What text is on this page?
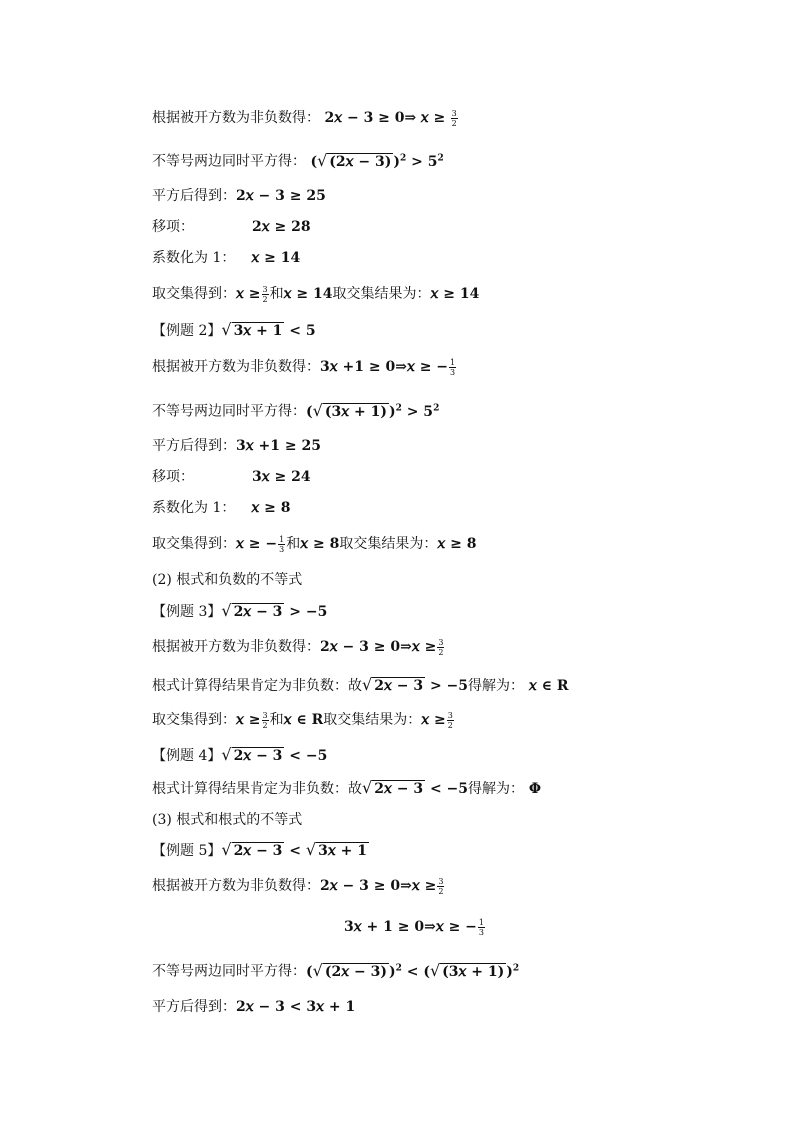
根据被开方数为非负数得： 2𝑥 − 3 ≥ 0⇒ 𝑥 ≥ $\frac{3}{2}$
不等号两边同时平方得： (√ (2𝑥 − 3) )$^2 > 5^2$
平方后得到：2𝑥 − 3 ≥ 25
移项：	2𝑥 ≥ 28
系数化为 1： 𝑥 ≥ 14
取交集得到：𝑥 ≥ $\frac{3}{2}$ 和𝑥 ≥ 14取交集结果为：𝑥 ≥ 14
【例题 2】√ 3𝑥 + 1 < 5
根据被开方数为非负数得：3𝑥 +1 ≥ 0⇒𝑥 ≥ − $\frac{1}{3}$
不等号两边同时平方得：(√ (3𝑥 + 1) )$^2 > 5^2$
平方后得到：3𝑥 +1 ≥ 25
移项：	3𝑥 ≥ 24
系数化为 1： 𝑥 ≥ 8
取交集得到：𝑥 ≥ − $\frac{1}{3}$ 和𝑥 ≥ 8取交集结果为：𝑥 ≥ 8
(2) 根式和负数的不等式
【例题 3】√ 2𝑥 − 3 > −5
根据被开方数为非负数得：2𝑥 − 3 ≥ 0⇒𝑥 ≥ $\frac{3}{2}$
根式计算得结果肯定为非负数：故√ 2𝑥 − 3 > −5得解为： 𝑥 ∈ R
取交集得到：𝑥 ≥ $\frac{3}{2}$ 和𝑥 ∈ R取交集结果为：𝑥 ≥ $\frac{3}{2}$
【例题 4】√ 2𝑥 − 3 < −5
根式计算得结果肯定为非负数：故√ 2𝑥 − 3 < −5得解为： Φ
(3) 根式和根式的不等式
【例题 5】√ 2𝑥 − 3 < √ 3𝑥 + 1
根据被开方数为非负数得：2𝑥 − 3 ≥ 0⇒𝑥 ≥ $\frac{3}{2}$
3𝑥 + 1 ≥ 0⇒𝑥 ≥ − $\frac{1}{3}$
不等号两边同时平方得：(√ (2𝑥 − 3) )$^2$ < (√ (3𝑥 + 1) )$^2$
平方后得到：2𝑥 − 3 < 3𝑥 + 1
